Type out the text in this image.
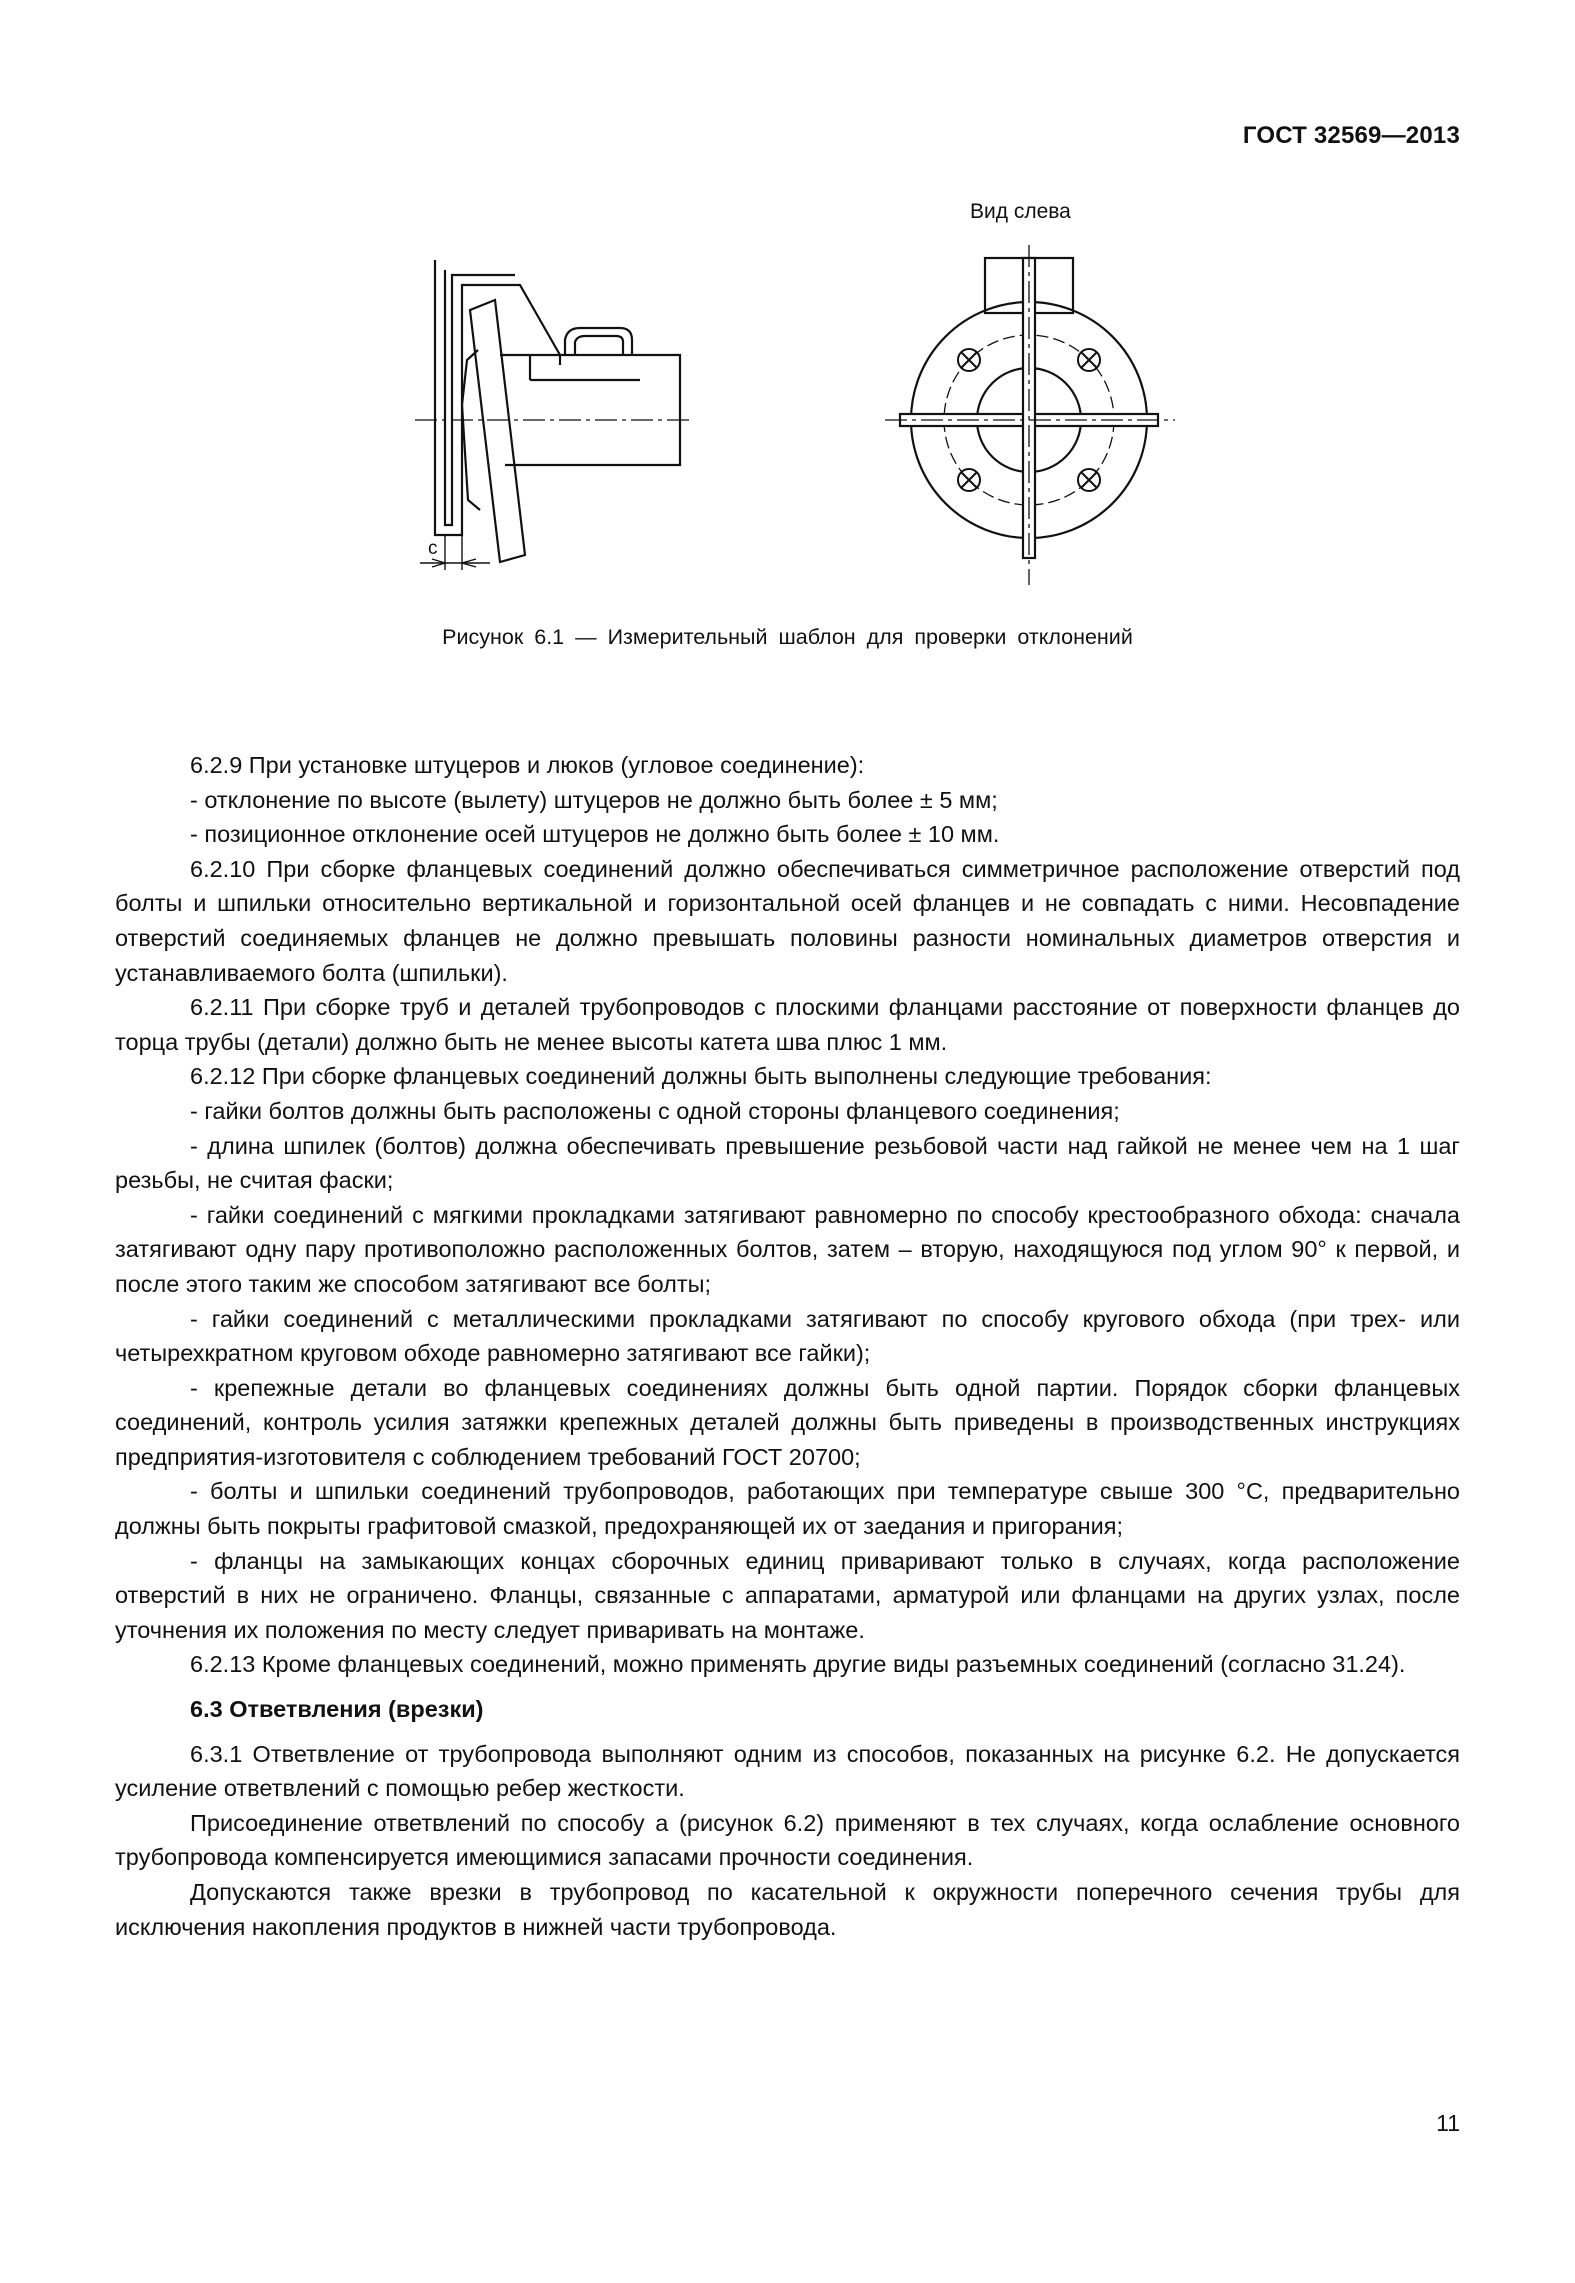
ГОСТ 32569—2013
с
Вид слева
Рисунок 6.1 — Измерительный шаблон для проверки отклонений

6.2.9 При установке штуцеров и люков (угловое соединение):

- отклонение по высоте (вылету) штуцеров не должно быть более ± 5 мм;

- позиционное отклонение осей штуцеров не должно быть более ± 10 мм.

6.2.10 При сборке фланцевых соединений должно обеспечиваться симметричное расположение отверстий под болты и шпильки относительно вертикальной и горизонтальной осей фланцев и не совпадать с ними. Несовпадение отверстий соединяемых фланцев не должно превышать половины разности номинальных диаметров отверстия и устанавливаемого болта (шпильки).

6.2.11 При сборке труб и деталей трубопроводов с плоскими фланцами расстояние от поверхности фланцев до торца трубы (детали) должно быть не менее высоты катета шва плюс 1 мм.

6.2.12 При сборке фланцевых соединений должны быть выполнены следующие требования:

- гайки болтов должны быть расположены с одной стороны фланцевого соединения;

- длина шпилек (болтов) должна обеспечивать превышение резьбовой части над гайкой не менее чем на 1 шаг резьбы, не считая фаски;

- гайки соединений с мягкими прокладками затягивают равномерно по способу крестообразного обхода: сначала затягивают одну пару противоположно расположенных болтов, затем – вторую, находящуюся под углом 90° к первой, и после этого таким же способом затягивают все болты;

- гайки соединений с металлическими прокладками затягивают по способу кругового обхода (при трех- или четырехкратном круговом обходе равномерно затягивают все гайки);

- крепежные детали во фланцевых соединениях должны быть одной партии. Порядок сборки фланцевых соединений, контроль усилия затяжки крепежных деталей должны быть приведены в производственных инструкциях предприятия-изготовителя с соблюдением требований ГОСТ 20700;

- болты и шпильки соединений трубопроводов, работающих при температуре свыше 300 °С, предварительно должны быть покрыты графитовой смазкой, предохраняющей их от заедания и пригорания;

- фланцы на замыкающих концах сборочных единиц приваривают только в случаях, когда расположение отверстий в них не ограничено. Фланцы, связанные с аппаратами, арматурой или фланцами на других узлах, после уточнения их положения по месту следует приваривать на монтаже.

6.2.13 Кроме фланцевых соединений, можно применять другие виды разъемных соединений (согласно 31.24).

6.3 Ответвления (врезки)

6.3.1 Ответвление от трубопровода выполняют одним из способов, показанных на рисунке 6.2. Не допускается усиление ответвлений с помощью ребер жесткости.

Присоединение ответвлений по способу а (рисунок 6.2) применяют в тех случаях, когда ослабление основного трубопровода компенсируется имеющимися запасами прочности соединения.

Допускаются также врезки в трубопровод по касательной к окружности поперечного сечения трубы для исключения накопления продуктов в нижней части трубопровода.

11
